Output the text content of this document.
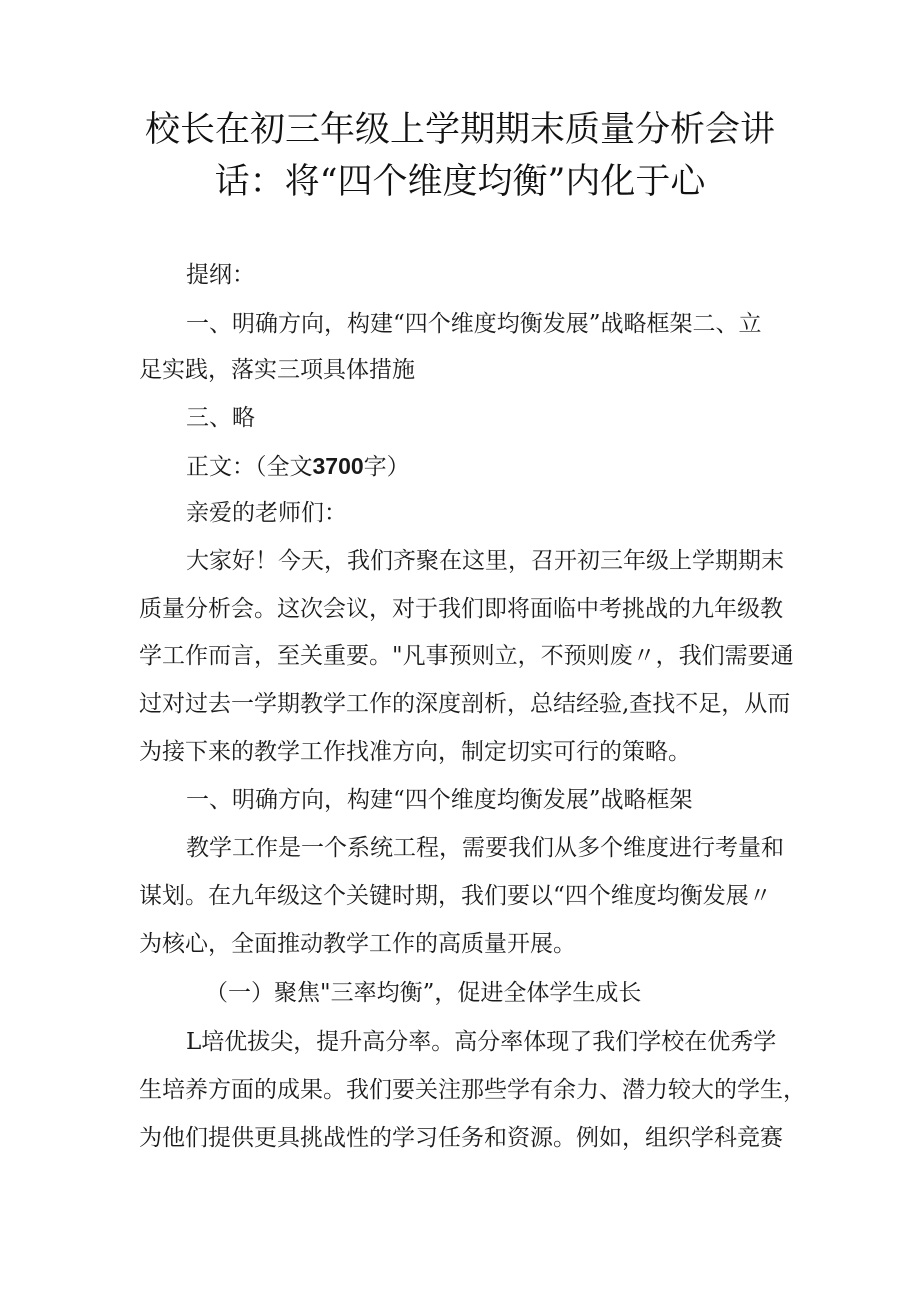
校长在初三年级上学期期末质量分析会讲
话：将“四个维度均衡”内化于心

提纲：

一、明确方向，构建“四个维度均衡发展”战略框架二、立

足实践，落实三项具体措施

三、略

正文：（全文3700字）

亲爱的老师们：

大家好！今天，我们齐聚在这里，召开初三年级上学期期末

质量分析会。这次会议，对于我们即将面临中考挑战的九年级教

学工作而言，至关重要。"凡事预则立，不预则废〃，我们需要通

过对过去一学期教学工作的深度剖析，总结经验,查找不足，从而

为接下来的教学工作找准方向，制定切实可行的策略。

一、明确方向，构建“四个维度均衡发展”战略框架

教学工作是一个系统工程，需要我们从多个维度进行考量和

谋划。在九年级这个关键时期，我们要以“四个维度均衡发展〃

为核心，全面推动教学工作的高质量开展。

（一）聚焦"三率均衡”，促进全体学生成长

L培优拔尖，提升高分率。高分率体现了我们学校在优秀学

生培养方面的成果。我们要关注那些学有余力、潜力较大的学生，

为他们提供更具挑战性的学习任务和资源。例如，组织学科竞赛
